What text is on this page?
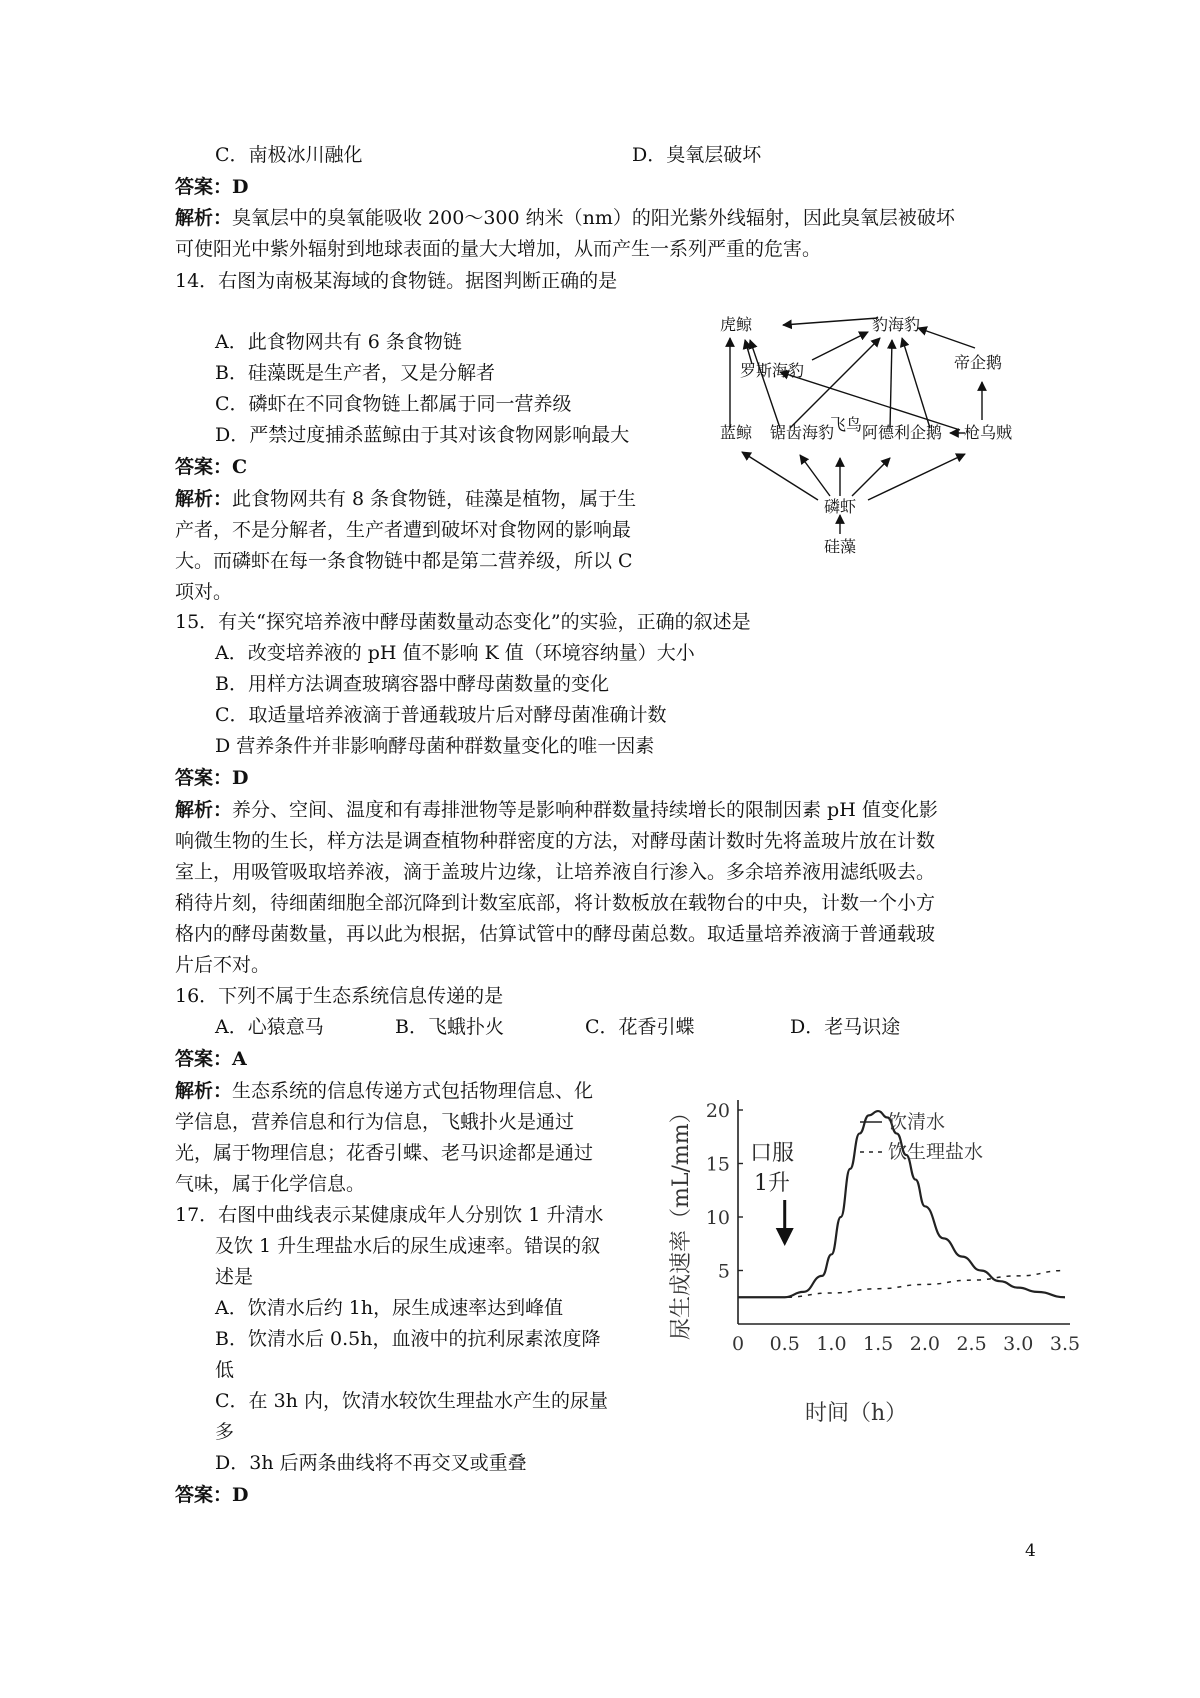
C．南极冰川融化	D．臭氧层破坏
答案：D
解析：臭氧层中的臭氧能吸收 200～300 纳米（nm）的阳光紫外线辐射，因此臭氧层被破坏
可使阳光中紫外辐射到地球表面的量大大增加，从而产生一系列严重的危害。
14．右图为南极某海域的食物链。据图判断正确的是
A．此食物网共有 6 条食物链
B．硅藻既是生产者，又是分解者
C．磷虾在不同食物链上都属于同一营养级
D．严禁过度捕杀蓝鲸由于其对该食物网影响最大
答案：C
解析：此食物网共有 8 条食物链，硅藻是植物，属于生
产者，不是分解者，生产者遭到破坏对食物网的影响最
大。而磷虾在每一条食物链中都是第二营养级，所以 C
项对。
虎鲸	豹海豹
帝企鹅
罗斯海豹
蓝鲸 锯齿海豹
飞鸟 阿德利企鹅 枪乌贼
磷虾
硅藻
15．有关“探究培养液中酵母菌数量动态变化”的实验，正确的叙述是
A．改变培养液的 pH 值不影响 K 值（环境容纳量）大小
B．用样方法调查玻璃容器中酵母菌数量的变化
C．取适量培养液滴于普通载玻片后对酵母菌准确计数
D 营养条件并非影响酵母菌种群数量变化的唯一因素
答案：D
解析：养分、空间、温度和有毒排泄物等是影响种群数量持续增长的限制因素 pH 值变化影
响微生物的生长，样方法是调查植物种群密度的方法，对酵母菌计数时先将盖玻片放在计数
室上，用吸管吸取培养液，滴于盖玻片边缘，让培养液自行渗入。多余培养液用滤纸吸去。
稍待片刻，待细菌细胞全部沉降到计数室底部，将计数板放在载物台的中央，计数一个小方
格内的酵母菌数量，再以此为根据，估算试管中的酵母菌总数。取适量培养液滴于普通载玻
片后不对。
16．下列不属于生态系统信息传递的是
A．心猿意马	B．飞蛾扑火	C．花香引蝶	D．老马识途
答案：A
解析：生态系统的信息传递方式包括物理信息、化
学信息，营养信息和行为信息，飞蛾扑火是通过
光，属于物理信息；花香引蝶、老马识途都是通过
气味，属于化学信息。
17．右图中曲线表示某健康成年人分别饮 1 升清水
及饮 1 升生理盐水后的尿生成速率。错误的叙
述是
A．饮清水后约 1h，尿生成速率达到峰值
B．饮清水后 0.5h，血液中的抗利尿素浓度降
低
C．在 3h 内，饮清水较饮生理盐水产生的尿量
多
D．3h 后两条曲线将不再交叉或重叠
答案：D
0 0.5 1.0 1.5 2.0 2.5 3.0 3.5
5
10
15
20
尿生成速率（mL/mm）
时间（h）
饮清水
饮生理盐水
口服
1升
4
